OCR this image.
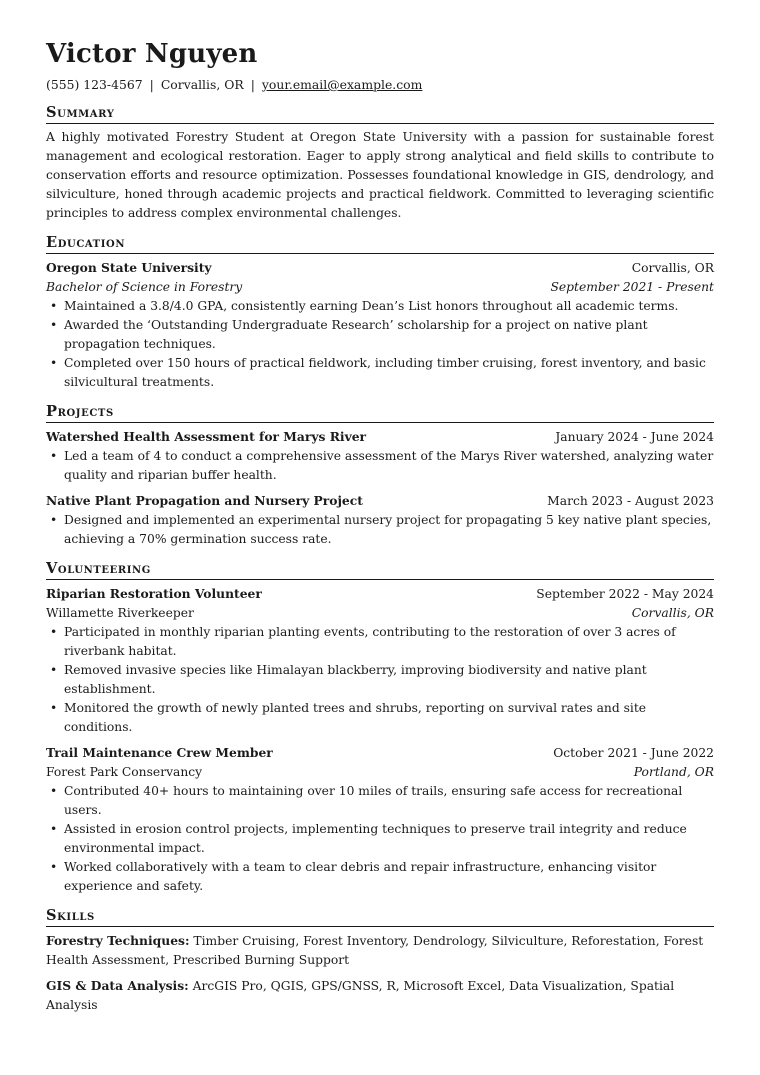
Victor Nguyen
(555) 123-4567 | Corvallis, OR | your.email@example.com
Summary

A highly motivated Forestry Student at Oregon State University with a passion for sustainable forest management and ecological restoration. Eager to apply strong analytical and field skills to contribute to conservation efforts and resource optimization. Possesses foundational knowledge in GIS, dendrology, and silviculture, honed through academic projects and practical fieldwork. Committed to leveraging scientific principles to address complex environmental challenges.

Education
Oregon State University	Corvallis, OR
Bachelor of Science in Forestry	September 2021 - Present
• Maintained a 3.8/4.0 GPA, consistently earning Dean’s List honors throughout all academic terms.
• Awarded the ‘Outstanding Undergraduate Research’ scholarship for a project on native plant propagation techniques.
• Completed over 150 hours of practical fieldwork, including timber cruising, forest inventory, and basic silvicultural treatments.
Projects
Watershed Health Assessment for Marys River	January 2024 - June 2024
• Led a team of 4 to conduct a comprehensive assessment of the Marys River watershed, analyzing water quality and riparian buffer health.
Native Plant Propagation and Nursery Project	March 2023 - August 2023
• Designed and implemented an experimental nursery project for propagating 5 key native plant species, achieving a 70% germination success rate.
Volunteering
Riparian Restoration Volunteer	September 2022 - May 2024
Willamette Riverkeeper	Corvallis, OR
• Participated in monthly riparian planting events, contributing to the restoration of over 3 acres of riverbank habitat.
• Removed invasive species like Himalayan blackberry, improving biodiversity and native plant establishment.
• Monitored the growth of newly planted trees and shrubs, reporting on survival rates and site conditions.
Trail Maintenance Crew Member	October 2021 - June 2022
Forest Park Conservancy	Portland, OR
• Contributed 40+ hours to maintaining over 10 miles of trails, ensuring safe access for recreational users.
• Assisted in erosion control projects, implementing techniques to preserve trail integrity and reduce environmental impact.
• Worked collaboratively with a team to clear debris and repair infrastructure, enhancing visitor experience and safety.
Skills

Forestry Techniques: Timber Cruising, Forest Inventory, Dendrology, Silviculture, Reforestation, Forest Health Assessment, Prescribed Burning Support

GIS & Data Analysis: ArcGIS Pro, QGIS, GPS/GNSS, R, Microsoft Excel, Data Visualization, Spatial Analysis
